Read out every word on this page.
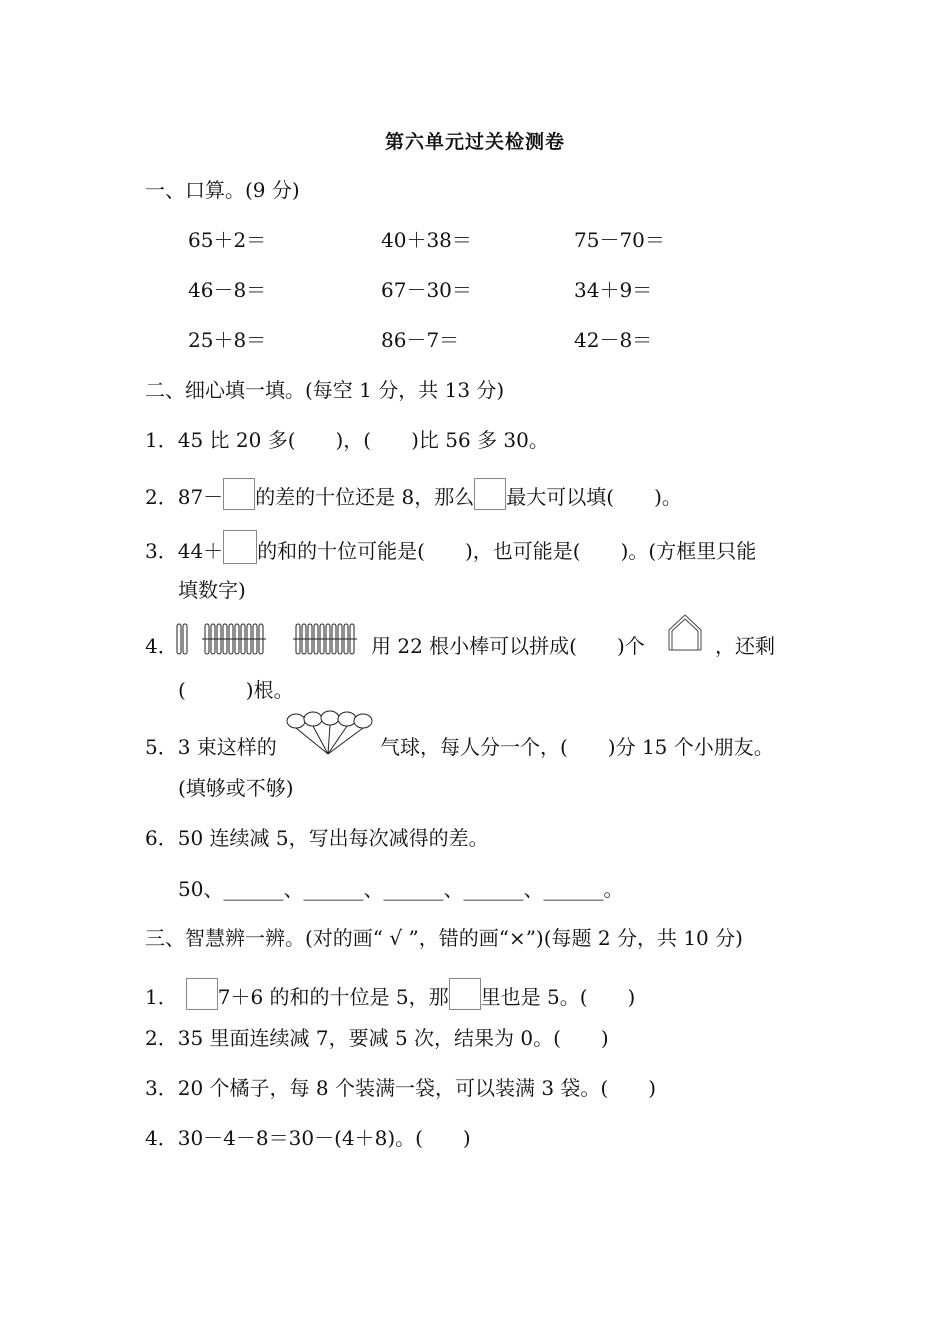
第六单元过关检测卷
一、口算。(9 分)
65＋2＝	40＋38＝	75－70＝
46－8＝	67－30＝	34＋9＝
25＋8＝	86－7＝	42－8＝
二、细心填一填。(每空 1 分，共 13 分)
1．45 比 20 多(　　)，(　　)比 56 多 30。
2．87－ 的差的十位还是 8，那么 最大可以填(　　)。
3．44＋ 的和的十位可能是(　　)，也可能是(　　)。(方框里只能
填数字)
4．	用 22 根小棒可以拼成(　　)个	，还剩
(　　　)根。
5．3 束这样的	气球，每人分一个，(　　)分 15 个小朋友。
(填够或不够)
6．50 连续减 5，写出每次减得的差。
50、______、______、______、______、______。
三、智慧辨一辨。(对的画“ √ ”，错的画“×”)(每题 2 分，共 10 分)
1． 7＋6 的和的十位是 5，那 里也是 5。(　　)
2．35 里面连续减 7，要减 5 次，结果为 0。(　　)
3．20 个橘子，每 8 个装满一袋，可以装满 3 袋。(　　)
4．30－4－8＝30－(4＋8)。(　　)
